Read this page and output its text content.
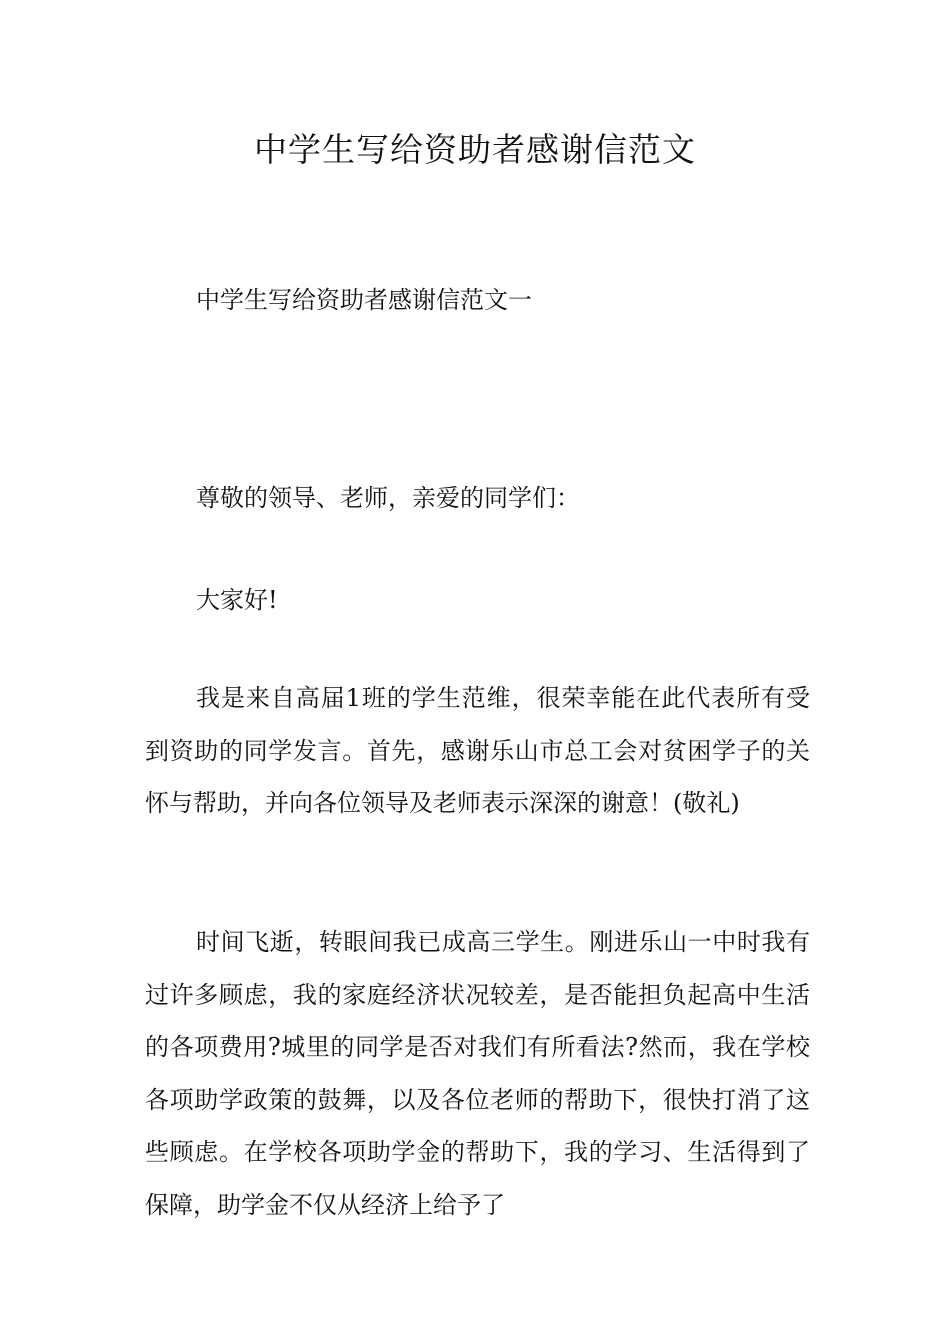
中学生写给资助者感谢信范文
中学生写给资助者感谢信范文一
尊敬的领导、老师，亲爱的同学们：
大家好!

我是来自高届1班的学生范维，很荣幸能在此代表所有受到资助的同学发言。首先，感谢乐山市总工会对贫困学子的关怀与帮助，并向各位领导及老师表示深深的谢意！(敬礼)

时间飞逝，转眼间我已成高三学生。刚进乐山一中时我有过许多顾虑，我的家庭经济状况较差，是否能担负起高中生活的各项费用?城里的同学是否对我们有所看法?然而，我在学校各项助学政策的鼓舞，以及各位老师的帮助下，很快打消了这些顾虑。在学校各项助学金的帮助下，我的学习、生活得到了保障，助学金不仅从经济上给予了
